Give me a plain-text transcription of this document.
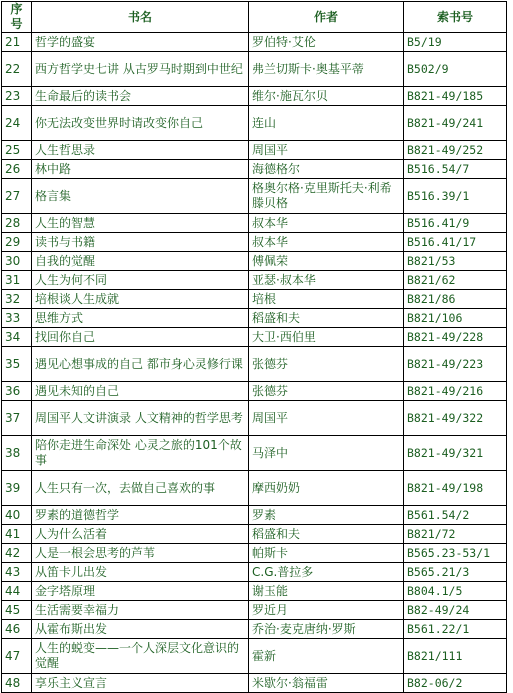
序号	书名	作者	索书号
21	哲学的盛宴	罗伯特·艾伦	B5/19
22	西方哲学史七讲 从古罗马时期到中世纪	弗兰切斯卡·奥基平蒂	B502/9
23	生命最后的读书会	维尔·施瓦尔贝	B821-49/185
24	你无法改变世界时请改变你自己	连山	B821-49/241
25	人生哲思录	周国平	B821-49/252
26	林中路	海德格尔	B516.54/7
27	格言集	格奥尔格·克里斯托夫·利希滕贝格	B516.39/1
28	人生的智慧	叔本华	B516.41/9
29	读书与书籍	叔本华	B516.41/17
30	自我的觉醒	傅佩荣	B821/53
31	人生为何不同	亚瑟·叔本华	B821/62
32	培根谈人生成就	培根	B821/86
33	思维方式	稻盛和夫	B821/106
34	找回你自己	大卫·西伯里	B821-49/228
35	遇见心想事成的自己 都市身心灵修行课	张德芬	B821-49/223
36	遇见未知的自己	张德芬	B821-49/216
37	周国平人文讲演录 人文精神的哲学思考	周国平	B821-49/322
38	陪你走进生命深处 心灵之旅的101个故事	马泽中	B821-49/321
39	人生只有一次，去做自己喜欢的事	摩西奶奶	B821-49/198
40	罗素的道德哲学	罗素	B561.54/2
41	人为什么活着	稻盛和夫	B821/72
42	人是一根会思考的芦苇	帕斯卡	B565.23-53/1
43	从笛卡儿出发	C.G.普拉多	B565.21/3
44	金字塔原理	谢玉能	B804.1/5
45	生活需要幸福力	罗近月	B82-49/24
46	从霍布斯出发	乔治·麦克唐纳·罗斯	B561.22/1
47	人生的蜕变——一个人深层文化意识的觉醒	霍新	B821/111
48	享乐主义宣言	米歇尔·翁福雷	B82-06/2
